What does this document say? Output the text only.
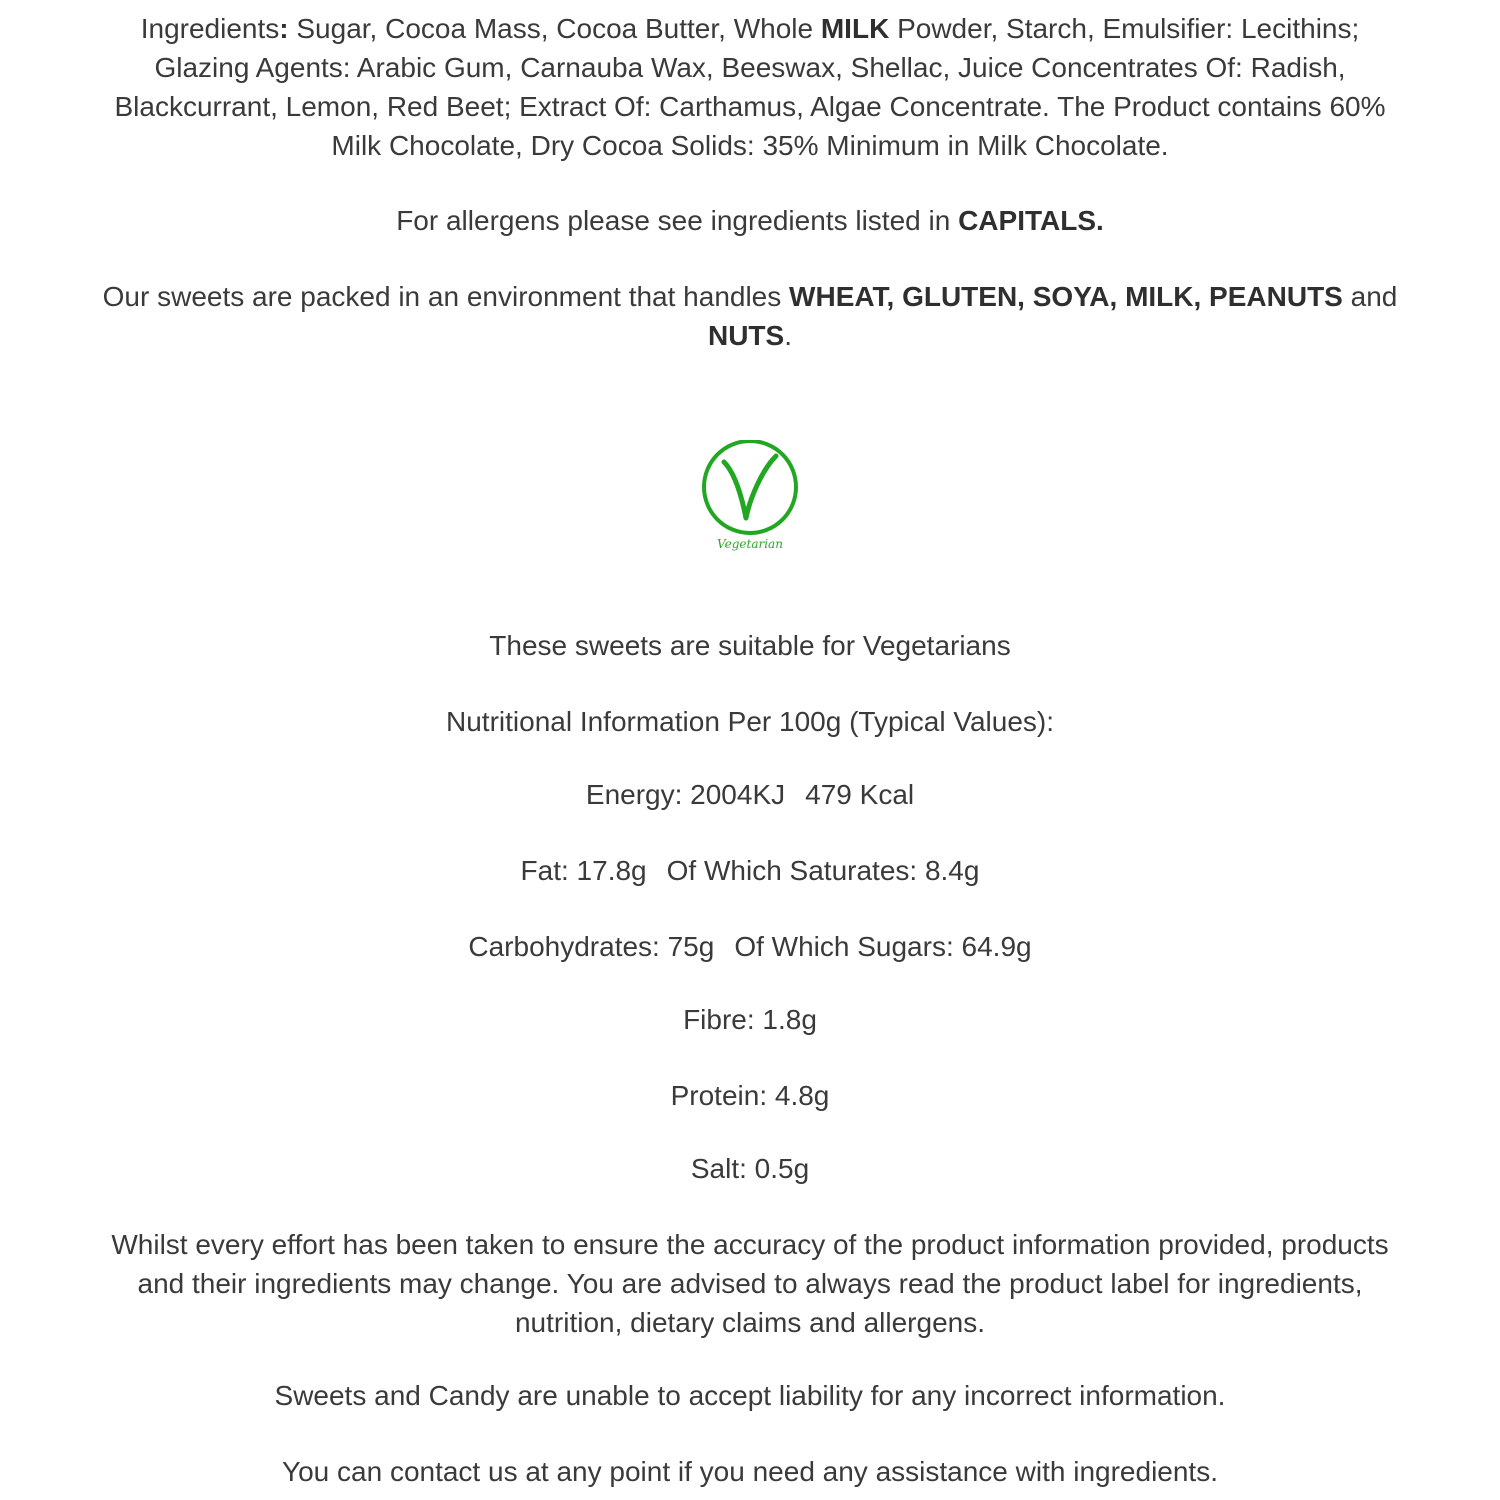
Ingredients: Sugar, Cocoa Mass, Cocoa Butter, Whole MILK Powder, Starch, Emulsifier: Lecithins; Glazing Agents: Arabic Gum, Carnauba Wax, Beeswax, Shellac, Juice Concentrates Of: Radish, Blackcurrant, Lemon, Red Beet; Extract Of: Carthamus, Algae Concentrate. The Product contains 60% Milk Chocolate, Dry Cocoa Solids: 35% Minimum in Milk Chocolate.

For allergens please see ingredients listed in CAPITALS.

Our sweets are packed in an environment that handles WHEAT, GLUTEN, SOYA, MILK, PEANUTS and NUTS.

Vegetarian

These sweets are suitable for Vegetarians

Nutritional Information Per 100g (Typical Values):

Energy: 2004KJ 479 Kcal

Fat: 17.8g Of Which Saturates: 8.4g

Carbohydrates: 75g Of Which Sugars: 64.9g

Fibre: 1.8g

Protein: 4.8g

Salt: 0.5g

Whilst every effort has been taken to ensure the accuracy of the product information provided, products and their ingredients may change. You are advised to always read the product label for ingredients, nutrition, dietary claims and allergens.

Sweets and Candy are unable to accept liability for any incorrect information.

You can contact us at any point if you need any assistance with ingredients.
